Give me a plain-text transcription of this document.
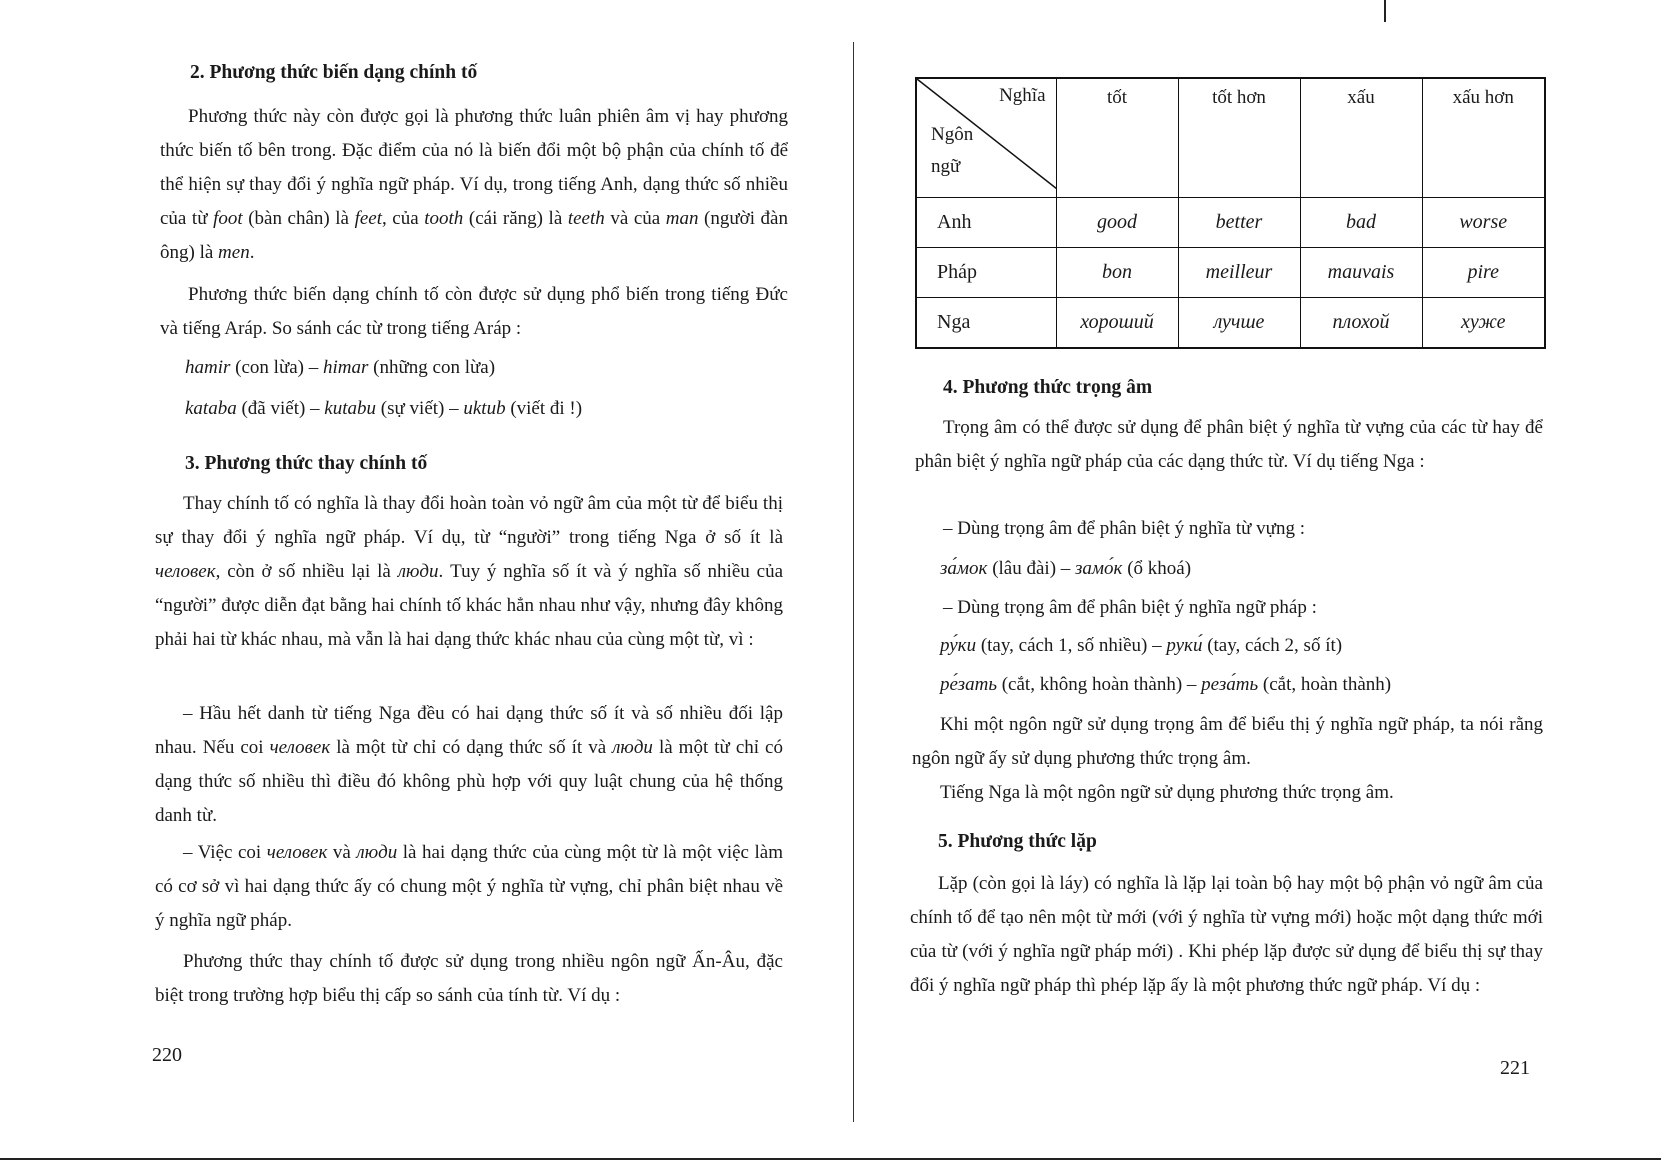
2. Phương thức biến dạng chính tố

Phương thức này còn được gọi là phương thức luân phiên âm vị hay phương thức biến tố bên trong. Đặc điểm của nó là biến đổi một bộ phận của chính tố để thể hiện sự thay đổi ý nghĩa ngữ pháp. Ví dụ, trong tiếng Anh, dạng thức số nhiều của từ foot (bàn chân) là feet, của tooth (cái răng) là teeth và của man (người đàn ông) là men.

Phương thức biến dạng chính tố còn được sử dụng phổ biến trong tiếng Đức và tiếng Aráp. So sánh các từ trong tiếng Aráp :

hamir (con lừa) – himar (những con lừa)

kataba (đã viết) – kutabu (sự viết) – uktub (viết đi !)

3. Phương thức thay chính tố

Thay chính tố có nghĩa là thay đổi hoàn toàn vỏ ngữ âm của một từ để biểu thị sự thay đổi ý nghĩa ngữ pháp. Ví dụ, từ “người” trong tiếng Nga ở số ít là человек, còn ở số nhiều lại là люди. Tuy ý nghĩa số ít và ý nghĩa số nhiều của “người” được diễn đạt bằng hai chính tố khác hẳn nhau như vậy, nhưng đây không phải hai từ khác nhau, mà vẫn là hai dạng thức khác nhau của cùng một từ, vì :

– Hầu hết danh từ tiếng Nga đều có hai dạng thức số ít và số nhiều đối lập nhau. Nếu coi человек là một từ chỉ có dạng thức số ít và люди là một từ chỉ có dạng thức số nhiều thì điều đó không phù hợp với quy luật chung của hệ thống danh từ.

– Việc coi человек và люди là hai dạng thức của cùng một từ là một việc làm có cơ sở vì hai dạng thức ấy có chung một ý nghĩa từ vựng, chỉ phân biệt nhau về ý nghĩa ngữ pháp.

Phương thức thay chính tố được sử dụng trong nhiều ngôn ngữ Ấn-Âu, đặc biệt trong trường hợp biểu thị cấp so sánh của tính từ. Ví dụ :

220
Nghĩa
Ngôn ngữ	tốt	tốt hơn	xấu	xấu hơn
Anh	good	better	bad	worse
Pháp	bon	meilleur	mauvais	pire
Nga	хороший	лучше	плохой	хуже

4. Phương thức trọng âm

Trọng âm có thể được sử dụng để phân biệt ý nghĩa từ vựng của các từ hay để phân biệt ý nghĩa ngữ pháp của các dạng thức từ. Ví dụ tiếng Nga :

– Dùng trọng âm để phân biệt ý nghĩa từ vựng :

за́мок (lâu đài) – замо́к (ổ khoá)

– Dùng trọng âm để phân biệt ý nghĩa ngữ pháp :

ру́ки (tay, cách 1, số nhiều) – руки́ (tay, cách 2, số ít)

ре́зать (cắt, không hoàn thành) – реза́ть (cắt, hoàn thành)

Khi một ngôn ngữ sử dụng trọng âm để biểu thị ý nghĩa ngữ pháp, ta nói rằng ngôn ngữ ấy sử dụng phương thức trọng âm.

Tiếng Nga là một ngôn ngữ sử dụng phương thức trọng âm.

5. Phương thức lặp

Lặp (còn gọi là láy) có nghĩa là lặp lại toàn bộ hay một bộ phận vỏ ngữ âm của chính tố để tạo nên một từ mới (với ý nghĩa từ vựng mới) hoặc một dạng thức mới của từ (với ý nghĩa ngữ pháp mới) . Khi phép lặp được sử dụng để biểu thị sự thay đổi ý nghĩa ngữ pháp thì phép lặp ấy là một phương thức ngữ pháp. Ví dụ :

221
